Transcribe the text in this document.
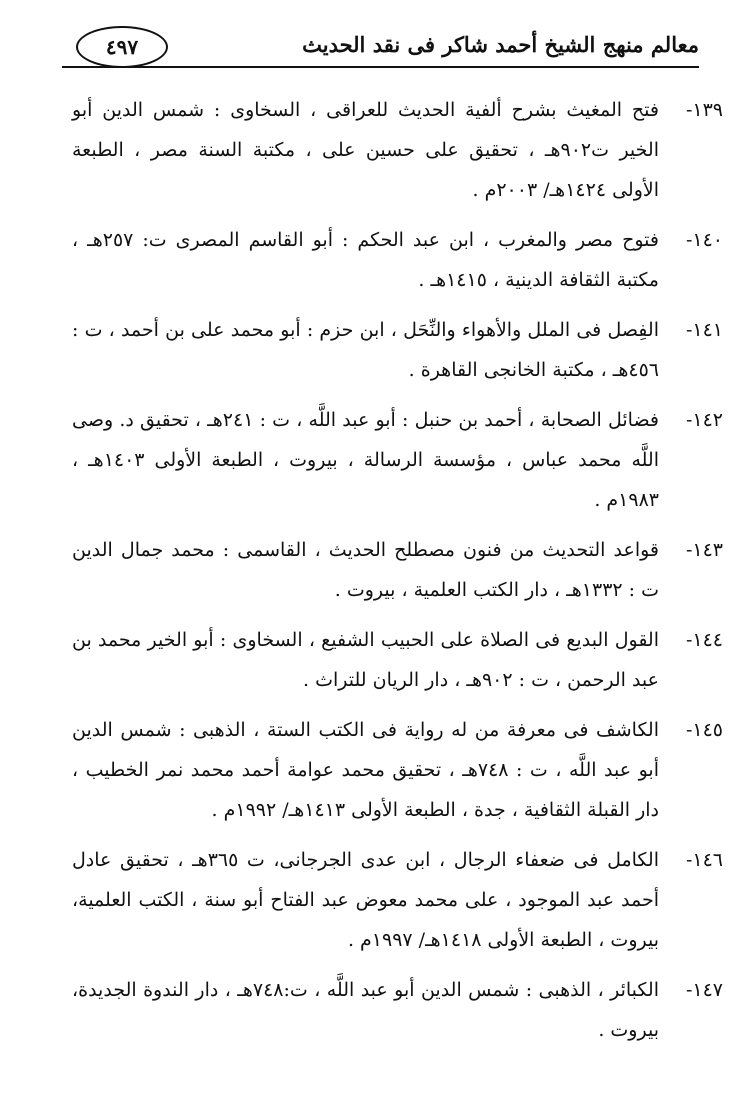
معالم منهج الشيخ أحمد شاكر فى نقد الحديث
٤٩٧
١٣٩-
فتح المغيث بشرح ألفية الحديث للعراقى ، السخاوى : شمس الدين أبو الخير ت٩٠٢هـ ، تحقيق على حسين على ، مكتبة السنة مصر ، الطبعة الأولى ١٤٢٤هـ/ ٢٠٠٣م .
١٤٠-
فتوح مصر والمغرب ، ابن عبد الحكم : أبو القاسم المصرى ت: ٢٥٧هـ ، مكتبة الثقافة الدينية ، ١٤١٥هـ .
١٤١-
الفِصل فى الملل والأهواء والنِّحَل ، ابن حزم : أبو محمد على بن أحمد ، ت : ٤٥٦هـ ، مكتبة الخانجى القاهرة .
١٤٢-
فضائل الصحابة ، أحمد بن حنبل : أبو عبد اللَّه ، ت : ٢٤١هـ ، تحقيق د. وصى اللَّه محمد عباس ، مؤسسة الرسالة ، بيروت ، الطبعة الأولى ١٤٠٣هـ ، ١٩٨٣م .
١٤٣-
قواعد التحديث من فنون مصطلح الحديث ، القاسمى : محمد جمال الدين ت : ١٣٣٢هـ ، دار الكتب العلمية ، بيروت .
١٤٤-
القول البديع فى الصلاة على الحبيب الشفيع ، السخاوى : أبو الخير محمد بن عبد الرحمن ، ت : ٩٠٢هـ ، دار الريان للتراث .
١٤٥-
الكاشف فى معرفة من له رواية فى الكتب الستة ، الذهبى : شمس الدين أبو عبد اللَّه ، ت : ٧٤٨هـ ، تحقيق محمد عوامة أحمد محمد نمر الخطيب ، دار القبلة الثقافية ، جدة ، الطبعة الأولى ١٤١٣هـ/ ١٩٩٢م .
١٤٦-
الكامل فى ضعفاء الرجال ، ابن عدى الجرجانى، ت ٣٦٥هـ ، تحقيق عادل أحمد عبد الموجود ، على محمد معوض عبد الفتاح أبو سنة ، الكتب العلمية، بيروت ، الطبعة الأولى ١٤١٨هـ/ ١٩٩٧م .
١٤٧-
الكبائر ، الذهبى : شمس الدين أبو عبد اللَّه ، ت:٧٤٨هـ ، دار الندوة الجديدة، بيروت .
